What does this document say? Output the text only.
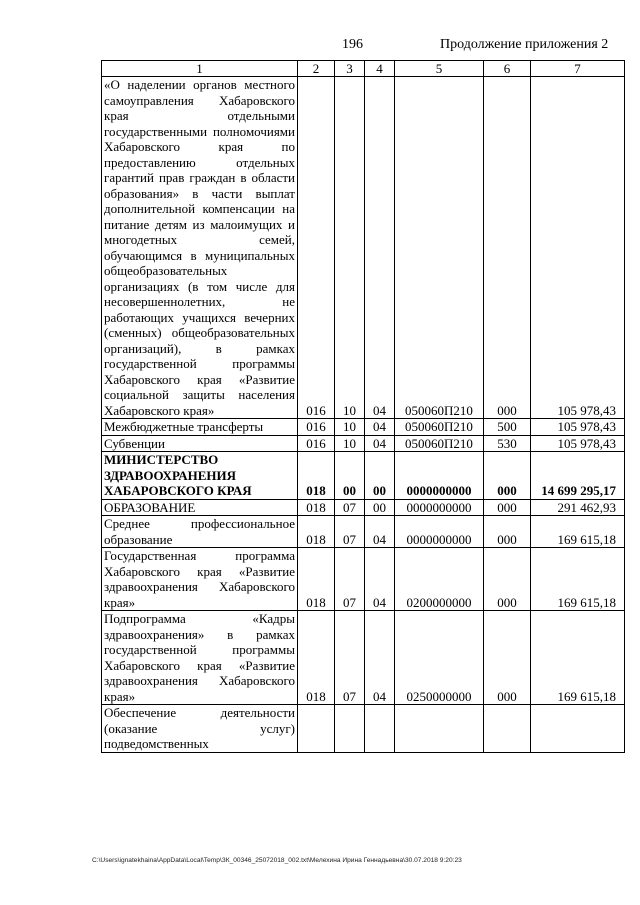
196	Продолжение приложения 2
1	2	3	4	5	6	7
«О наделении органов местного самоуправления Хабаровского края отдельными государственными полномочиями Хабаровского края по предоставлению отдельных гарантий прав граждан в области образования» в части выплат дополнительной компенсации на питание детям из малоимущих и многодетных семей, обучающимся в муниципальных общеобразовательных организациях (в том числе для несовершеннолетних, не работающих учащихся вечерних (сменных) общеобразовательных организаций), в рамках государственной программы Хабаровского края «Развитие социальной защиты населения Хабаровского края»	016	10	04	050060П210	000	105 978,43
Межбюджетные трансферты	016	10	04	050060П210	500	105 978,43
Субвенции	016	10	04	050060П210	530	105 978,43
МИНИСТЕРСТВО ЗДРАВООХРАНЕНИЯ ХАБАРОВСКОГО КРАЯ	018	00	00	0000000000	000	14 699 295,17
ОБРАЗОВАНИЕ	018	07	00	0000000000	000	291 462,93
Среднее профессиональное образование	018	07	04	0000000000	000	169 615,18
Государственная программа Хабаровского края «Развитие здравоохранения Хабаровского края»	018	07	04	0200000000	000	169 615,18
Подпрограмма «Кадры здравоохранения» в рамках государственной программы Хабаровского края «Развитие здравоохранения Хабаровского края»	018	07	04	0250000000	000	169 615,18
Обеспечение деятельности (оказание услуг) подведомственных						
C:\Users\ignatekhaina\AppData\Local\Temp\ЗК_00346_25072018_002.txt\Мелехина Ирина Геннадьевна\30.07.2018 9:20:23
